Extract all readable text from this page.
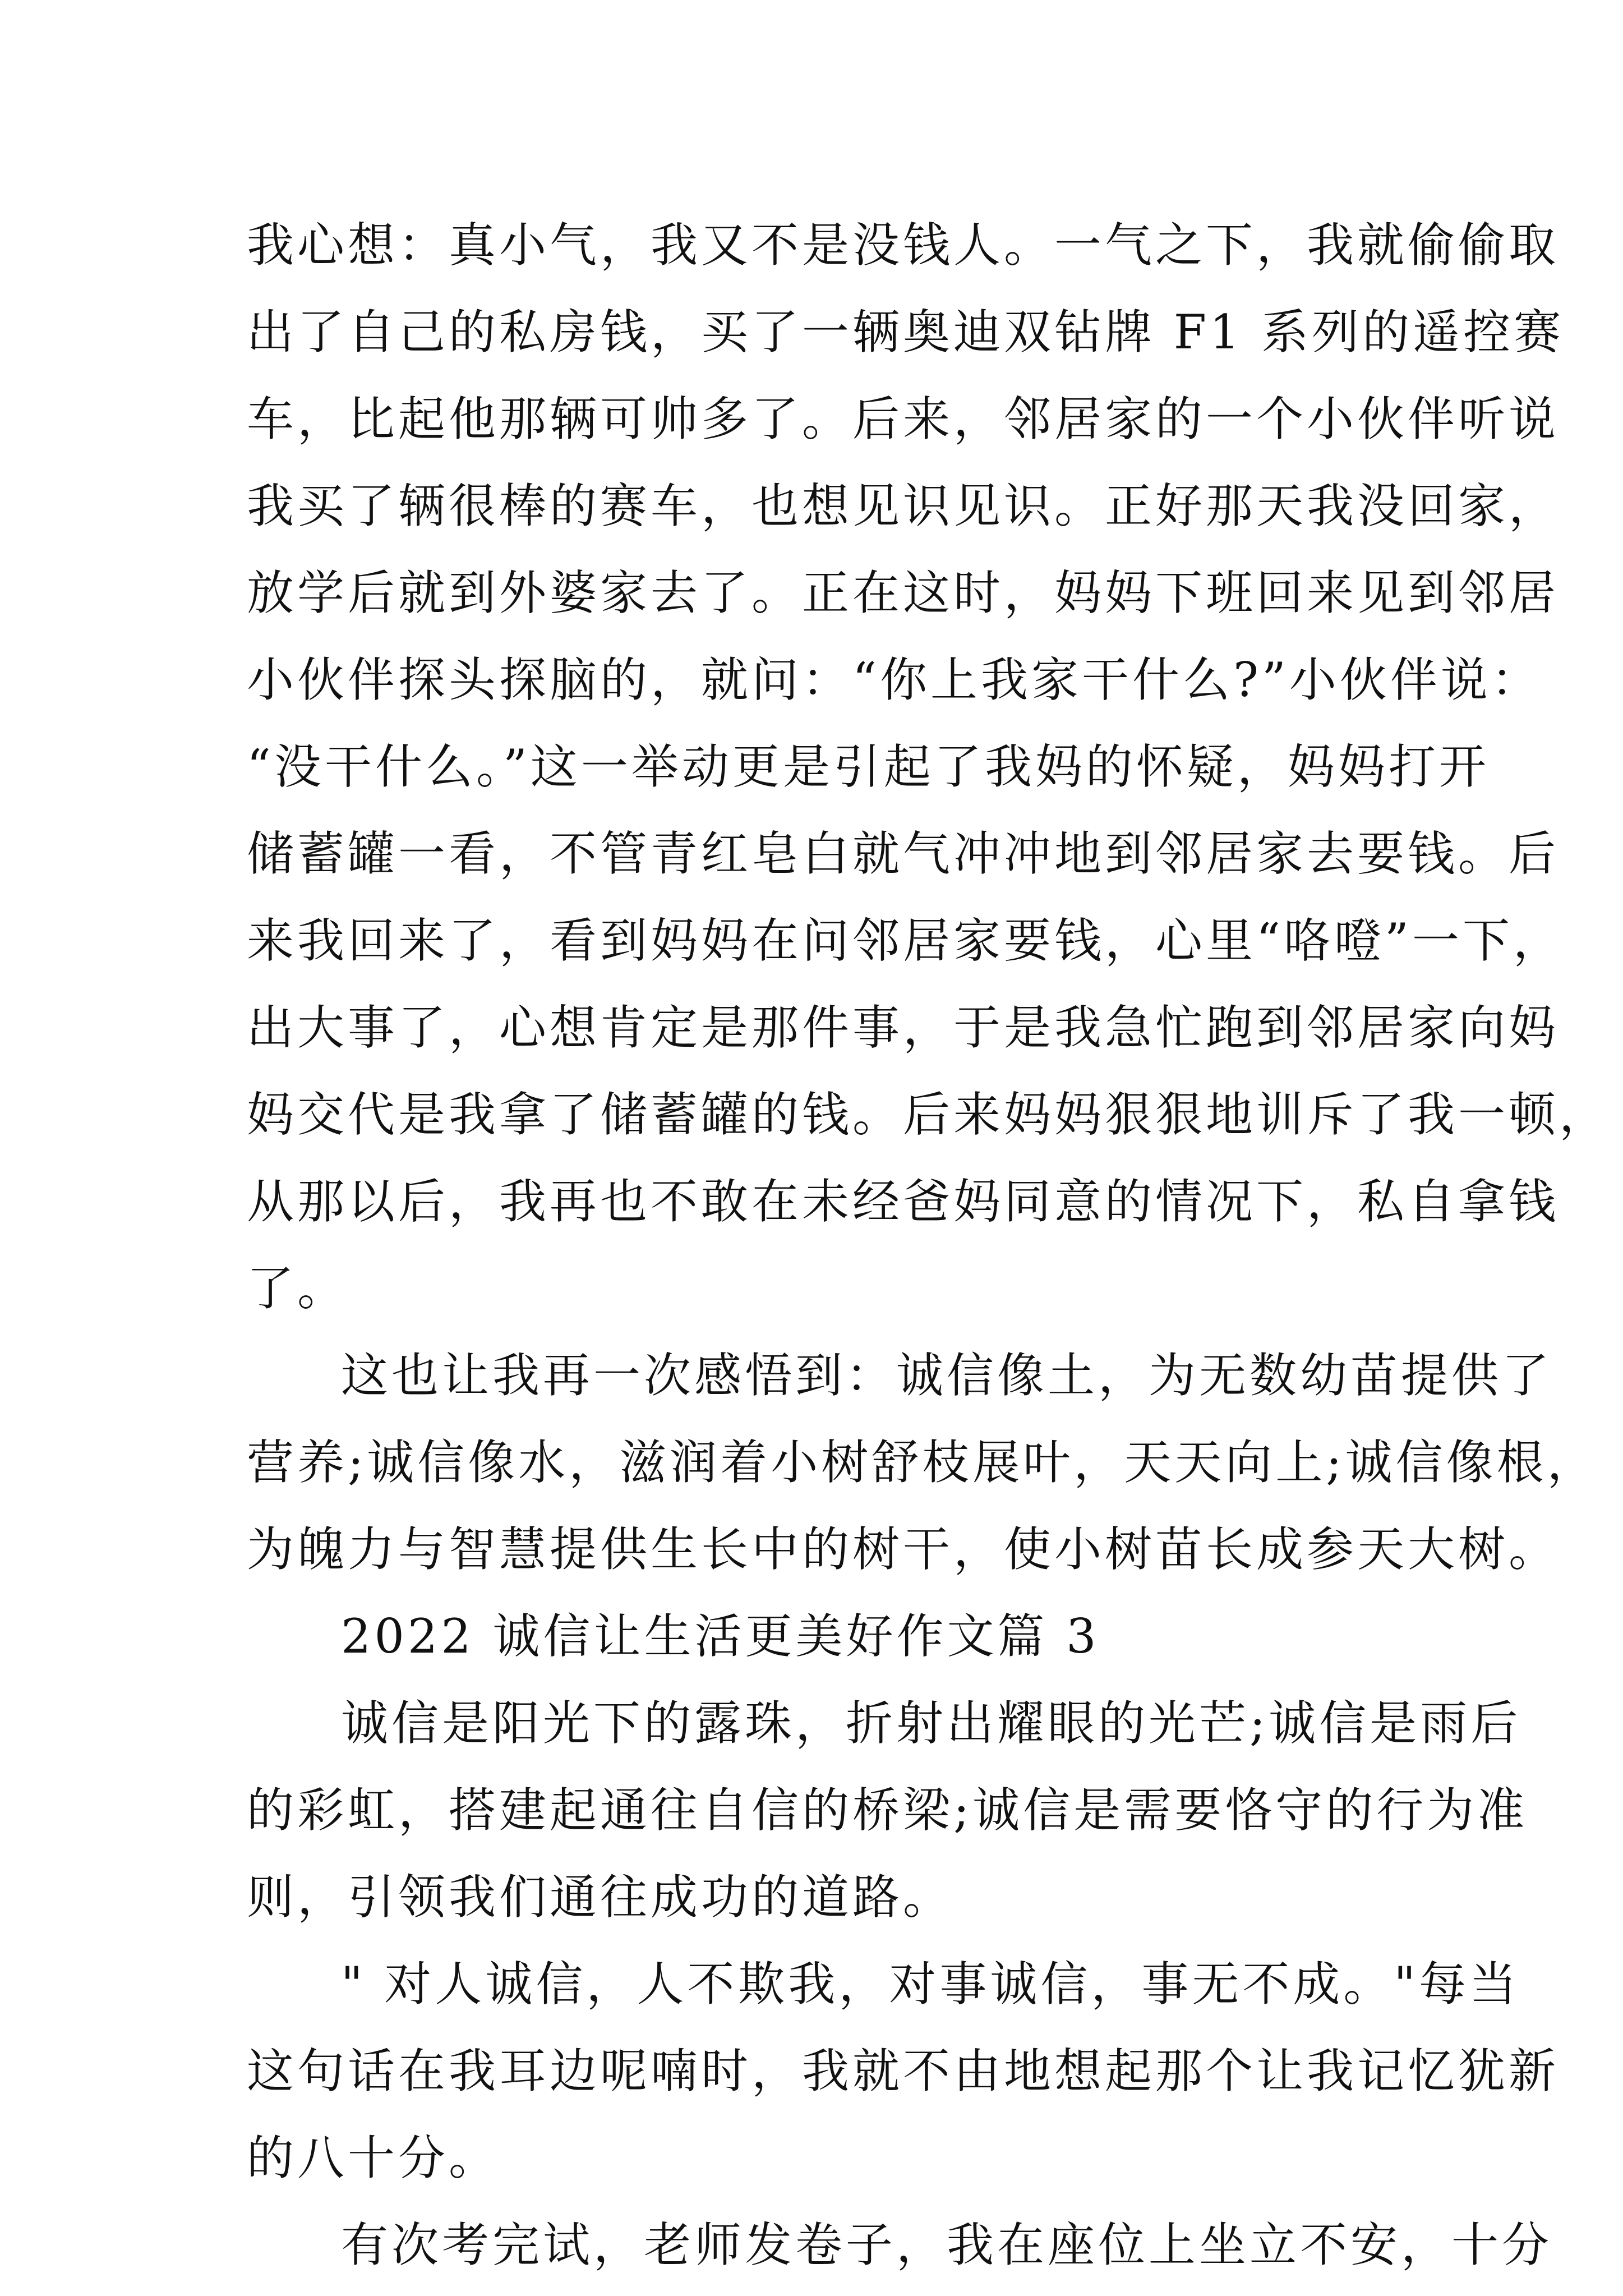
我心想：真小气，我又不是没钱人。一气之下，我就偷偷取
出了自己的私房钱，买了一辆奥迪双钻牌 F1 系列的遥控赛
车，比起他那辆可帅多了。后来，邻居家的一个小伙伴听说
我买了辆很棒的赛车，也想见识见识。正好那天我没回家，
放学后就到外婆家去了。正在这时，妈妈下班回来见到邻居
小伙伴探头探脑的，就问：“你上我家干什么?”小伙伴说：
“没干什么。”这一举动更是引起了我妈的怀疑，妈妈打开
储蓄罐一看，不管青红皂白就气冲冲地到邻居家去要钱。后
来我回来了，看到妈妈在问邻居家要钱，心里“咯噔”一下，
出大事了，心想肯定是那件事，于是我急忙跑到邻居家向妈
妈交代是我拿了储蓄罐的钱。后来妈妈狠狠地训斥了我一顿，
从那以后，我再也不敢在未经爸妈同意的情况下，私自拿钱
了。
这也让我再一次感悟到：诚信像土，为无数幼苗提供了
营养;诚信像水，滋润着小树舒枝展叶，天天向上;诚信像根，
为魄力与智慧提供生长中的树干，使小树苗长成参天大树。
2022 诚信让生活更美好作文篇 3
诚信是阳光下的露珠，折射出耀眼的光芒;诚信是雨后
的彩虹，搭建起通往自信的桥梁;诚信是需要恪守的行为准
则，引领我们通往成功的道路。
" 对人诚信，人不欺我，对事诚信，事无不成。"每当
这句话在我耳边呢喃时，我就不由地想起那个让我记忆犹新
的八十分。
有次考完试，老师发卷子，我在座位上坐立不安，十分
